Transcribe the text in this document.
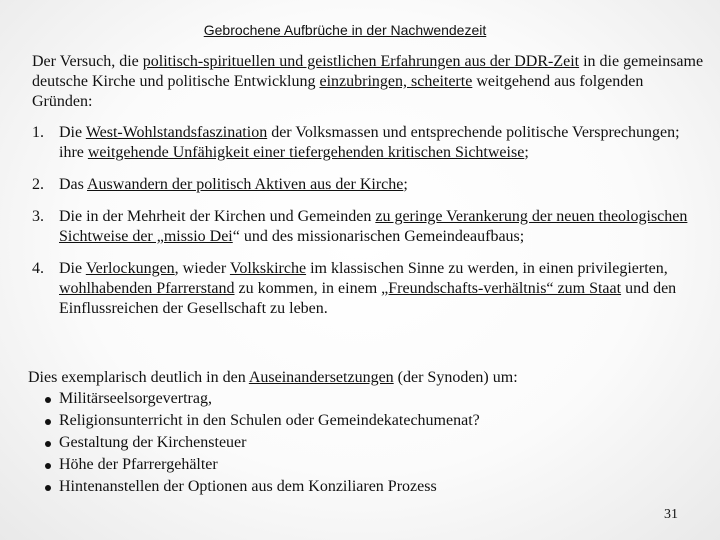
Gebrochene Aufbrüche in der Nachwendezeit

Der Versuch, die politisch-spirituellen und geistlichen Erfahrungen aus der DDR-Zeit in die gemeinsame deutsche Kirche und politische Entwicklung einzubringen, scheiterte weitgehend aus folgenden Gründen:

1. Die West-Wohlstandsfaszination der Volksmassen und entsprechende politische Versprechungen; ihre weitgehende Unfähigkeit einer tiefergehenden kritischen Sichtweise;
2. Das Auswandern der politisch Aktiven aus der Kirche;
3. Die in der Mehrheit der Kirchen und Gemeinden zu geringe Verankerung der neuen theologischen Sichtweise der „missio Dei“ und des missionarischen Gemeindeaufbaus;
4. Die Verlockungen, wieder Volkskirche im klassischen Sinne zu werden, in einen privilegierten, wohlhabenden Pfarrerstand zu kommen, in einem „Freundschafts-verhältnis“ zum Staat und den Einflussreichen der Gesellschaft zu leben.

Dies exemplarisch deutlich in den Auseinandersetzungen (der Synoden) um:

Militärseelsorgevertrag,
Religionsunterricht in den Schulen oder Gemeindekatechumenat?
Gestaltung der Kirchensteuer
Höhe der Pfarrergehälter
Hintenanstellen der Optionen aus dem Konziliaren Prozess
31
